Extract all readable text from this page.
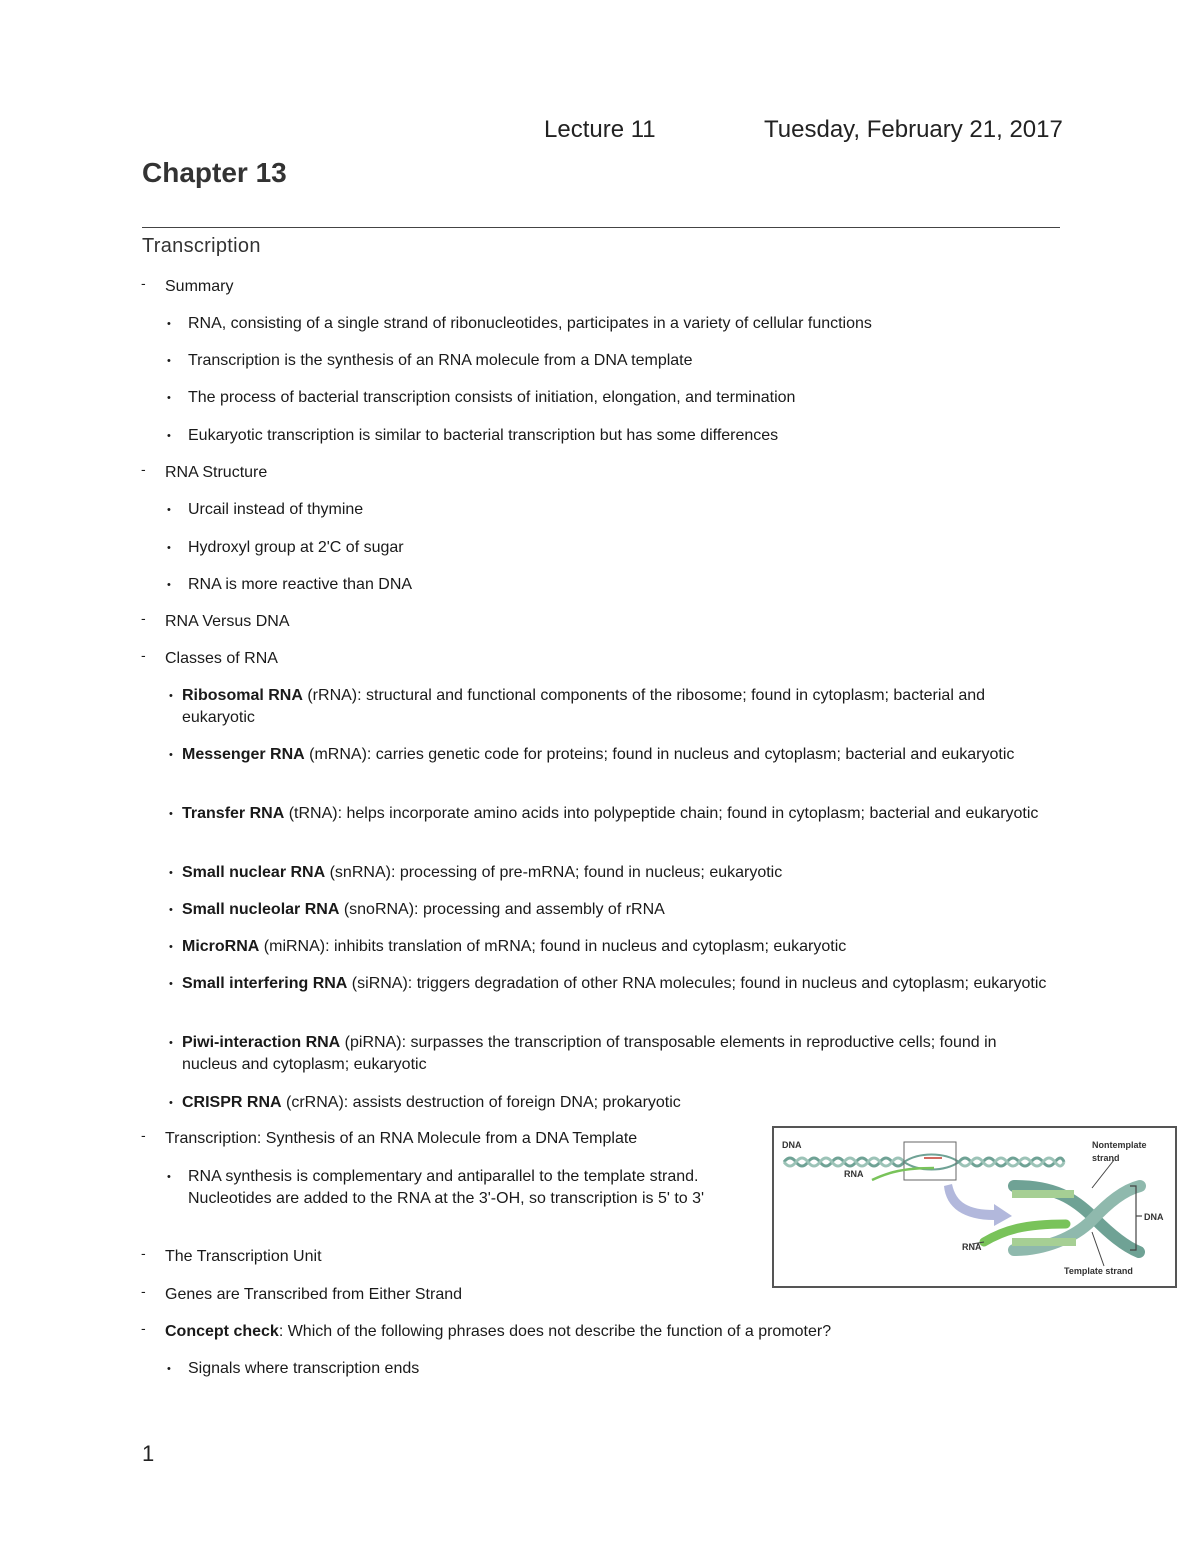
Lecture 11	Tuesday, February 21, 2017
Chapter 13
Transcription
- Summary
•	RNA, consisting of a single strand of ribonucleotides, participates in a variety of cellular functions
•	Transcription is the synthesis of an RNA molecule from a DNA template
•	The process of bacterial transcription consists of initiation, elongation, and termination
•	Eukaryotic transcription is similar to bacterial transcription but has some differences
- RNA Structure
•	Urcail instead of thymine
•	Hydroxyl group at 2'C of sugar
•	RNA is more reactive than DNA
- RNA Versus DNA
- Classes of RNA
• Ribosomal RNA (rRNA): structural and functional components of the ribosome; found in cytoplasm; bacterial and eukaryotic
• Messenger RNA (mRNA): carries genetic code for proteins; found in nucleus and cytoplasm; bacterial and eukaryotic
• Transfer RNA (tRNA): helps incorporate amino acids into polypeptide chain; found in cytoplasm; bacterial and eukaryotic
• Small nuclear RNA (snRNA): processing of pre-mRNA; found in nucleus; eukaryotic
• Small nucleolar RNA (snoRNA): processing and assembly of rRNA
• MicroRNA (miRNA): inhibits translation of mRNA; found in nucleus and cytoplasm; eukaryotic
• Small interfering RNA (siRNA): triggers degradation of other RNA molecules; found in nucleus and cytoplasm; eukaryotic
• Piwi-interaction RNA (piRNA): surpasses the transcription of transposable elements in reproductive cells; found in nucleus and cytoplasm; eukaryotic
• CRISPR RNA (crRNA): assists destruction of foreign DNA; prokaryotic
- Transcription: Synthesis of an RNA Molecule from a DNA Template
•	RNA synthesis is complementary and antiparallel to the template strand. Nucleotides are added to the RNA at the 3'-OH, so transcription is 5' to 3'
- The Transcription Unit
- Genes are Transcribed from Either Strand
- Concept check: Which of the following phrases does not describe the function of a promoter?
•	Signals where transcription ends
DNA
RNA
Nontemplate
strand
DNA
RNA
Template strand
1
